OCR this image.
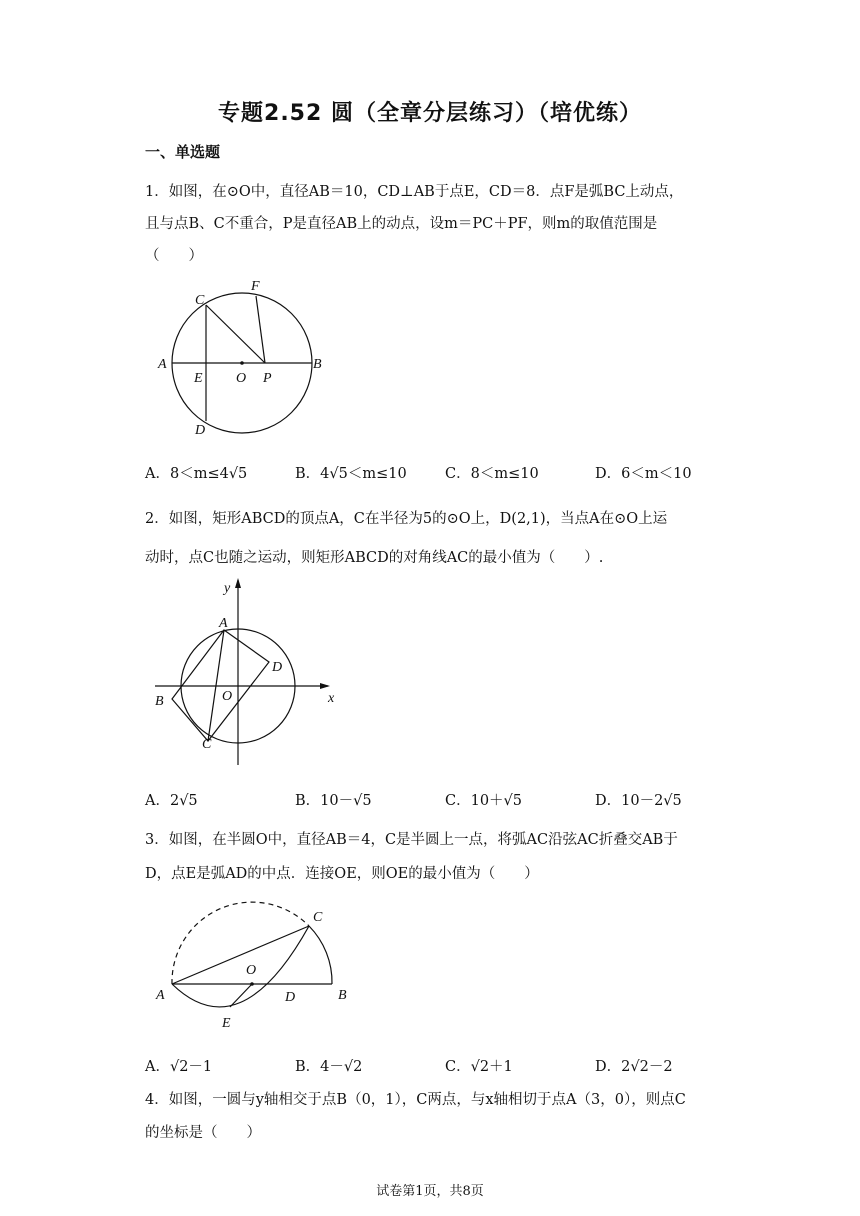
专题2.52 圆（全章分层练习）（培优练）
一、单选题
1．如图，在⊙O中，直径AB＝10，CD⊥AB于点E，CD＝8．点F是弧BC上动点，
且与点B、C不重合，P是直径AB上的动点，设m＝PC＋PF，则m的取值范围是
（　　）
A	B
C
D
E
F
O P
A．8＜m≤4√5	B．4√5＜m≤10	C．8＜m≤10	D．6＜m＜10
2．如图，矩形ABCD的顶点A，C在半径为5的⊙O上，D(2,1)，当点A在⊙O上运
动时，点C也随之运动，则矩形ABCD的对角线AC的最小值为（　　）.
A
B
C
D
O	x
y
A．2√5	B．10－√5	C．10＋√5	D．10－2√5
3．如图，在半圆O中，直径AB＝4，C是半圆上一点，将弧AC沿弦AC折叠交AB于
D，点E是弧AD的中点．连接OE，则OE的最小值为（　　）
A	B
C
D
E
O
A．√2－1	B．4－√2	C．√2＋1	D．2√2－2
4．如图，一圆与y轴相交于点B（0，1），C两点，与x轴相切于点A（3，0），则点C
的坐标是（　　）
试卷第1页，共8页
